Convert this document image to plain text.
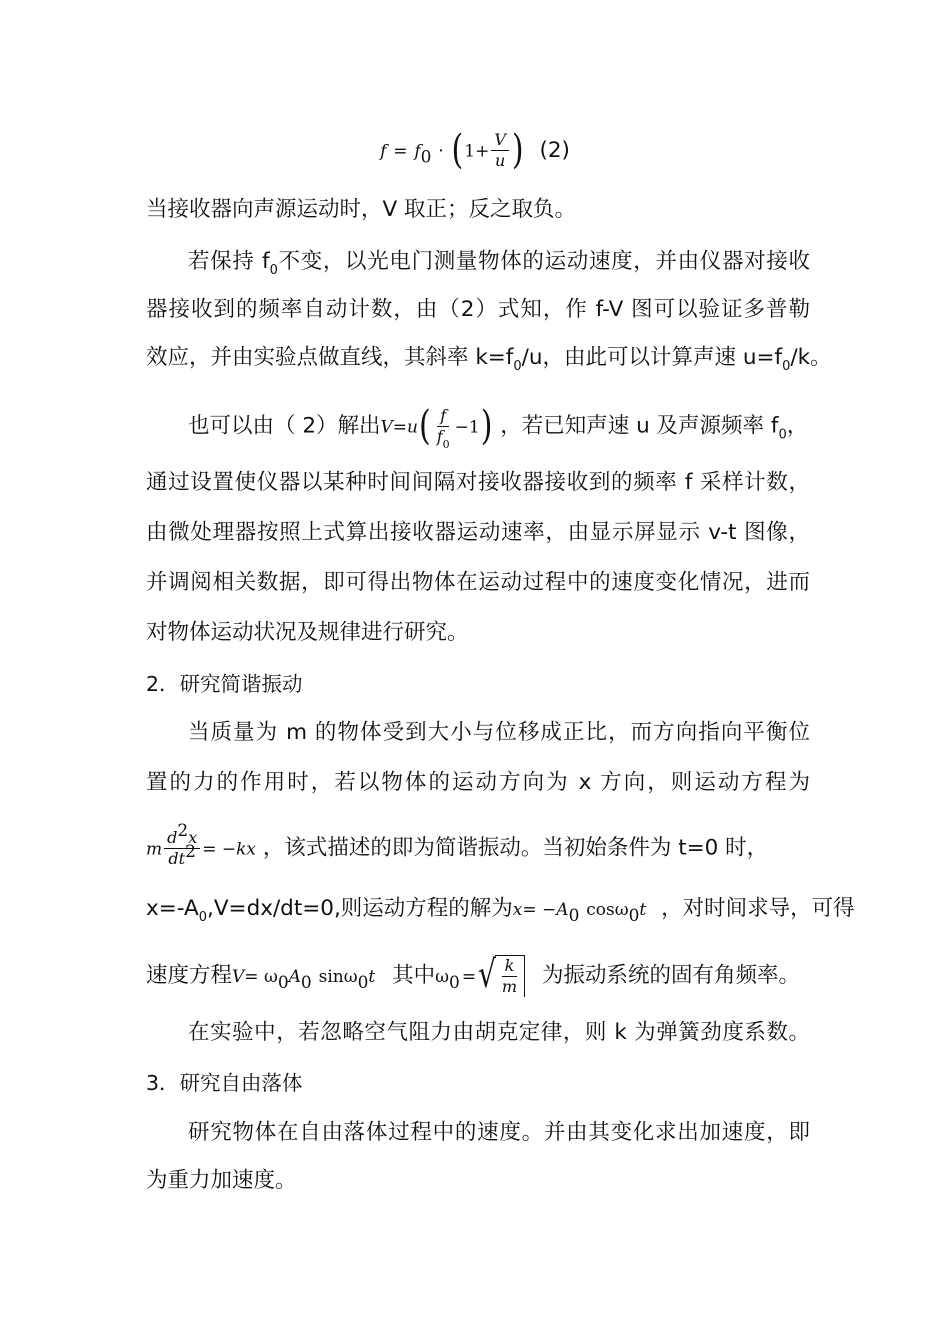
$f = f_0 \cdot (1+ \frac{V}{u}$ ) (2)
当接收器向声源运动时，V 取正；反之取负。
若保持 $f_0$不变，以光电门测量物体的运动速度，并由仪器对接收
器接收到的频率自动计数，由（2）式知，作 f-V 图可以验证多普勒
效应，并由实验点做直线，其斜率 $k=f_0/u$，由此可以计算声速 $u=f_0/k$。
也可以由（ 2）解出$V=u( \frac{f}{f_0} -1)$ ，若已知声速 u 及声源频率 $f_0$，
通过设置使仪器以某种时间间隔对接收器接收到的频率 f 采样计数，
由微处理器按照上式算出接收器运动速率，由显示屏显示 v-t 图像，
并调阅相关数据，即可得出物体在运动过程中的速度变化情况，进而
对物体运动状况及规律进行研究。
2．研究简谐振动
当质量为 m 的物体受到大小与位移成正比，而方向指向平衡位
置的力的作用时，若以物体的运动方向为 x 方向，则运动方程为
m $\frac{d^2x}{dt^2} = -kx$ ，该式描述的即为简谐振动。当初始条件为 t=0 时，
$x=-A_0,V=dx/dt=0$,则运动方程的解为$x= -A_0$ cosω$_0$t ，对时间求导，可得
速度方程$V= \omega_0A_0$ sinω$_0$t 其中$\omega_0$ = √ $\frac{k}{m}$ 为振动系统的固有角频率。
在实验中，若忽略空气阻力由胡克定律，则 k 为弹簧劲度系数。
3．研究自由落体
研究物体在自由落体过程中的速度。并由其变化求出加速度，即
为重力加速度。
